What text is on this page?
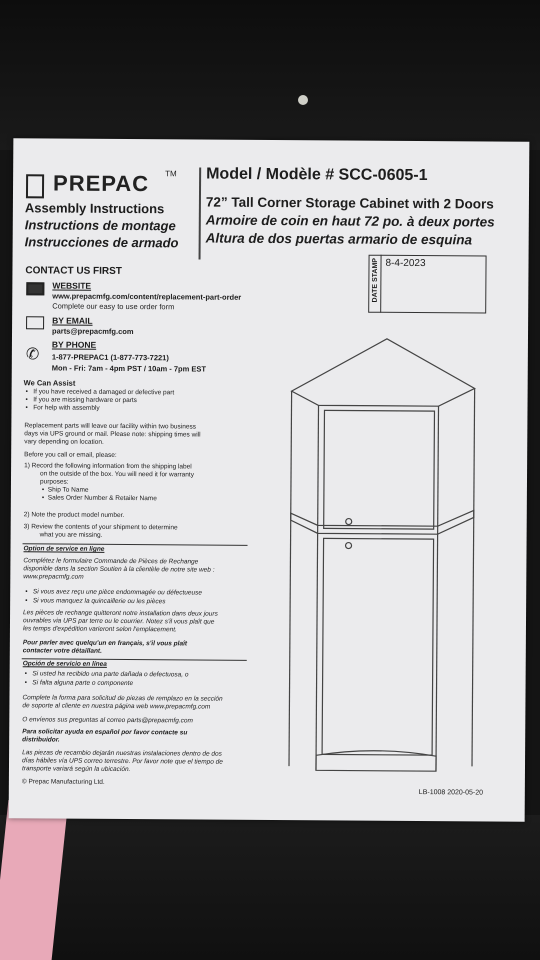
PREPAC TM
Assembly Instructions
Instructions de montage
Instrucciones de armado
Model / Modèle # SCC-0605-1
72” Tall Corner Storage Cabinet with 2 Doors
Armoire de coin en haut 72 po. à deux portes
Altura de dos puertas armario de esquina
DATE STAMP 8-4-2023
CONTACT US FIRST
WEBSITE
www.prepacmfg.com/content/replacement-part-order
Complete our easy to use order form
BY EMAIL
parts@prepacmfg.com
✆
BY PHONE
1-877-PREPAC1 (1-877-773-7221)
Mon - Fri: 7am - 4pm PST / 10am - 7pm EST
We Can Assist
•   If you have received a damaged or defective part
•   If you are missing hardware or parts
•   For help with assembly
Replacement parts will leave our facility within two business
days via UPS ground or mail. Please note: shipping times will
vary depending on location.
Before you call or email, please:
1) Record the following information from the shipping label
on the outside of the box. You will need it for warranty
purposes:
•  Ship To Name
•  Sales Order Number & Retailer Name
2) Note the product model number.
3) Review the contents of your shipment to determine
what you are missing.
Option de service en ligne
Complétez le formulaire Commande de Pièces de Rechange
disponible dans la section Soutien à la clientèle de notre site web :
www.prepacmfg.com
•   Si vous avez reçu une pièce endommagée ou défectueuse
•   Si vous manquez la quincaillerie ou les pièces
Les pièces de rechange quitteront notre installation dans deux jours
ouvrables via UPS par terre ou le courrier. Notez s'il vous plaît que
les temps d'expédition varieront selon l'emplacement.
Pour parler avec quelqu'un en français, s'il vous plaît
contacter votre détaillant.
Opción de servicio en línea
•   Si usted ha recibido una parte dañada o defectuosa, o
•   Si falta alguna parte o componente
Complete la forma para solicitud de piezas de remplazo en la sección
de soporte al cliente en nuestra página web www.prepacmfg.com
O envíenos sus preguntas al correo parts@prepacmfg.com
Para solicitar ayuda en español por favor contacte su
distribuidor.
Las piezas de recambio dejarán nuestras instalaciones dentro de dos
días hábiles vía UPS correo terrestre. Por favor note que el tiempo de
transporte variará según la ubicación.
© Prepac Manufacturing Ltd.
LB-1008 2020-05-20
